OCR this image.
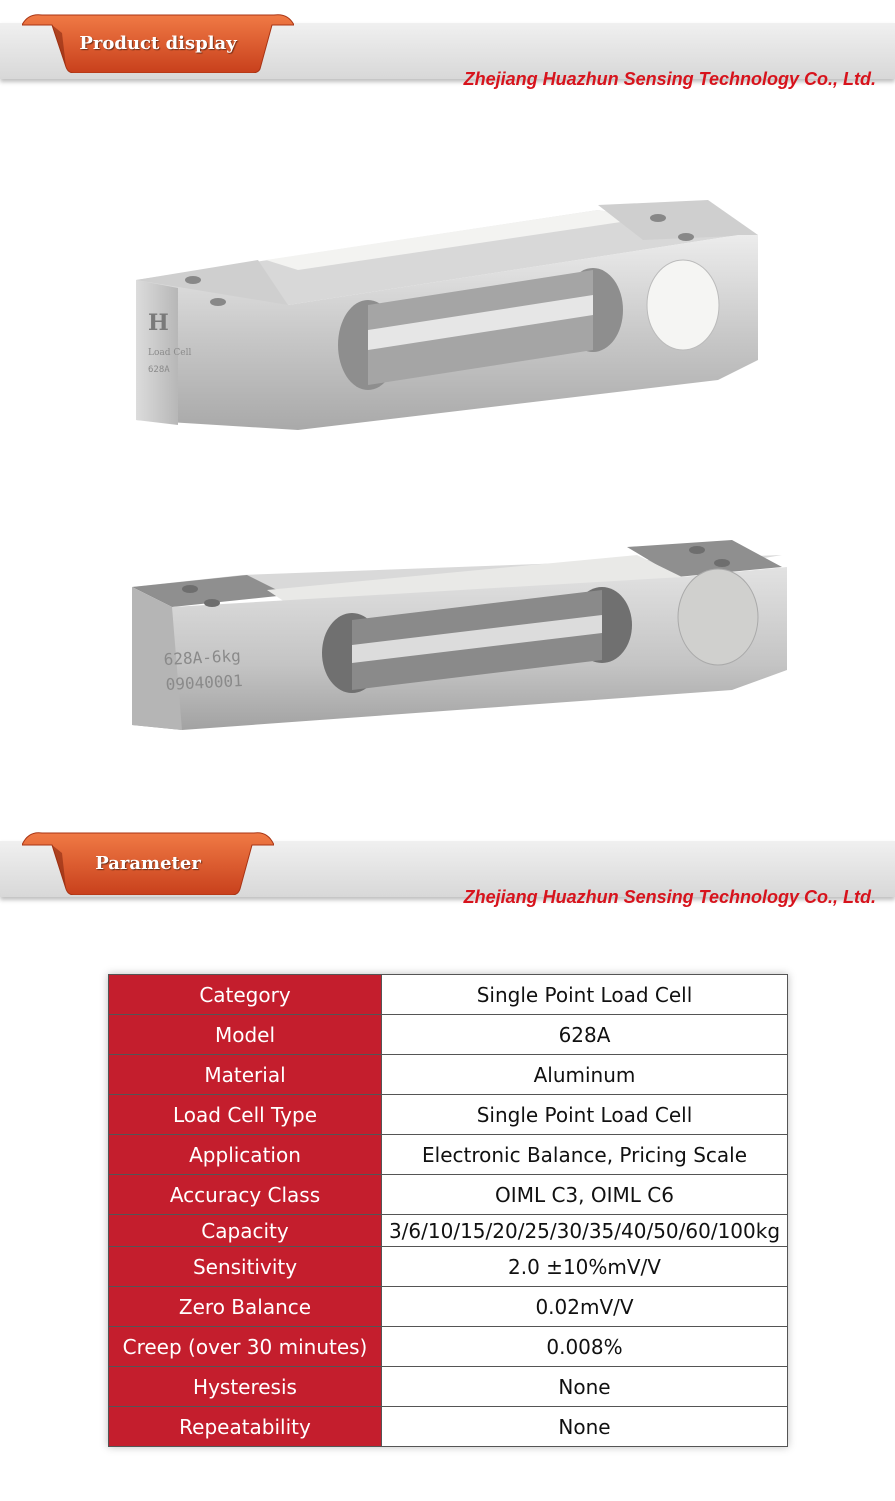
Product display
Zhejiang Huazhun Sensing Technology Co., Ltd.
H
Load Cell
628A
628A-6kg
09040001
Parameter
Zhejiang Huazhun Sensing Technology Co., Ltd.
Category	Single Point Load Cell
Model	628A
Material	Aluminum
Load Cell Type	Single Point Load Cell
Application	Electronic Balance, Pricing Scale
Accuracy Class	OIML C3, OIML C6
Capacity	3/6/10/15/20/25/30/35/40/50/60/100kg
Sensitivity	2.0 ±10%mV/V
Zero Balance	0.02mV/V
Creep (over 30 minutes)	0.008%
Hysteresis	None
Repeatability	None
